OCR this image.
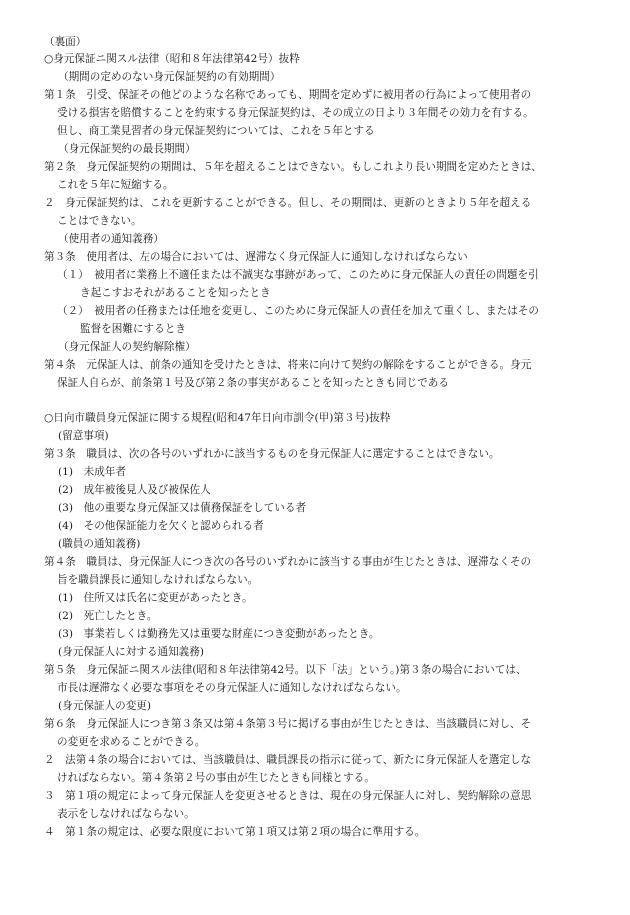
（裏面）
○身元保証ニ関スル法律（昭和８年法律第42号）抜粋
（期間の定めのない身元保証契約の有効期間）
第１条　引受、保証その他どのような名称であっても、期間を定めずに被用者の行為によって使用者の
受ける損害を賠償することを約束する身元保証契約は、その成立の日より３年間その効力を有する。
但し、商工業見習者の身元保証契約については、これを５年とする
（身元保証契約の最長期間）
第２条　身元保証契約の期間は、５年を超えることはできない。もしこれより長い期間を定めたときは、
これを５年に短縮する。
２　身元保証契約は、これを更新することができる。但し、その期間は、更新のときより５年を超える
ことはできない。
（使用者の通知義務）
第３条　使用者は、左の場合においては、遅滞なく身元保証人に通知しなければならない
（１）　被用者に業務上不適任または不誠実な事跡があって、このために身元保証人の責任の問題を引
き起こすおそれがあることを知ったとき
（２）　被用者の任務または任地を変更し、このために身元保証人の責任を加えて重くし、またはその
監督を困難にするとき
（身元保証人の契約解除権）
第４条　元保証人は、前条の通知を受けたときは、将来に向けて契約の解除をすることができる。身元
保証人自らが、前条第１号及び第２条の事実があることを知ったときも同じである
○日向市職員身元保証に関する規程(昭和47年日向市訓令(甲)第３号)抜粋
(留意事項)
第３条　職員は、次の各号のいずれかに該当するものを身元保証人に選定することはできない。
(1)　未成年者
(2)　成年被後見人及び被保佐人
(3)　他の重要な身元保証又は債務保証をしている者
(4)　その他保証能力を欠くと認められる者
(職員の通知義務)
第４条　職員は、身元保証人につき次の各号のいずれかに該当する事由が生じたときは、遅滞なくその
旨を職員課長に通知しなければならない。
(1)　住所又は氏名に変更があったとき。
(2)　死亡したとき。
(3)　事業若しくは勤務先又は重要な財産につき変動があったとき。
(身元保証人に対する通知義務)
第５条　身元保証ニ関スル法律(昭和８年法律第42号。以下「法」という。)第３条の場合においては、
市長は遅滞なく必要な事項をその身元保証人に通知しなければならない。
(身元保証人の変更)
第６条　身元保証人につき第３条又は第４条第３号に掲げる事由が生じたときは、当該職員に対し、そ
の変更を求めることができる。
２　法第４条の場合においては、当該職員は、職員課長の指示に従って、新たに身元保証人を選定しな
ければならない。第４条第２号の事由が生じたときも同様とする。
３　第１項の規定によって身元保証人を変更させるときは、現在の身元保証人に対し、契約解除の意思
表示をしなければならない。
４　第１条の規定は、必要な限度において第１項又は第２項の場合に準用する。
